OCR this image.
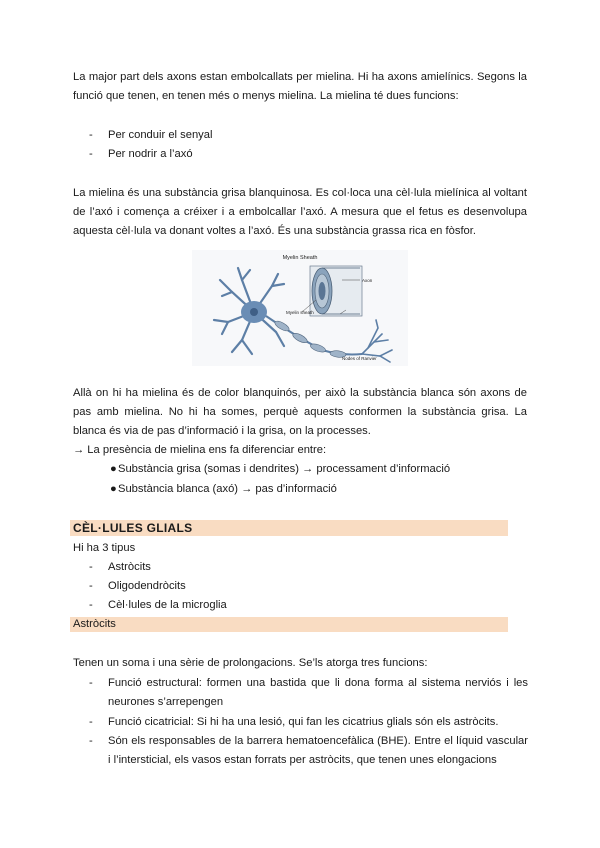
La major part dels axons estan embolcallats per mielina. Hi ha axons amielínics. Segons la funció que tenen, en tenen més o menys mielina. La mielina té dues funcions:
- Per conduir el senyal
- Per nodrir a l’axó
La mielina és una substància grisa blanquinosa. Es col·loca una cèl·lula mielínica al voltant de l’axó i comença a créixer i a embolcallar l’axó. A mesura que el fetus es desenvolupa aquesta cèl·lula va donant voltes a l’axó. És una substància grassa rica en fòsfor.
Myelin Sheath
Axon
Myelin sheath
Nodes of Ranvier
Allà on hi ha mielina és de color blanquinós, per això la substància blanca són axons de pas amb mielina. No hi ha somes, perquè aquests conformen la substància grisa. La blanca és via de pas d’informació i la grisa, on la processes.
→ La presència de mielina ens fa diferenciar entre:
● Substància grisa (somas i dendrites) → processament d’informació
● Substància blanca (axó) → pas d’informació
CÈL·LULES GLIALS
Hi ha 3 tipus
- Astròcits
- Oligodendròcits
- Cèl·lules de la microglia
Astròcits
Tenen un soma i una sèrie de prolongacions. Se’ls atorga tres funcions:
- Funció estructural: formen una bastida que li dona forma al sistema nerviós i les neurones s’arrepengen
- Funció cicatricial: Si hi ha una lesió, qui fan les cicatrius glials són els astròcits.
- Són els responsables de la barrera hematoencefàlica (BHE). Entre el líquid vascular i l’intersticial, els vasos estan forrats per astròcits, que tenen unes elongacions
